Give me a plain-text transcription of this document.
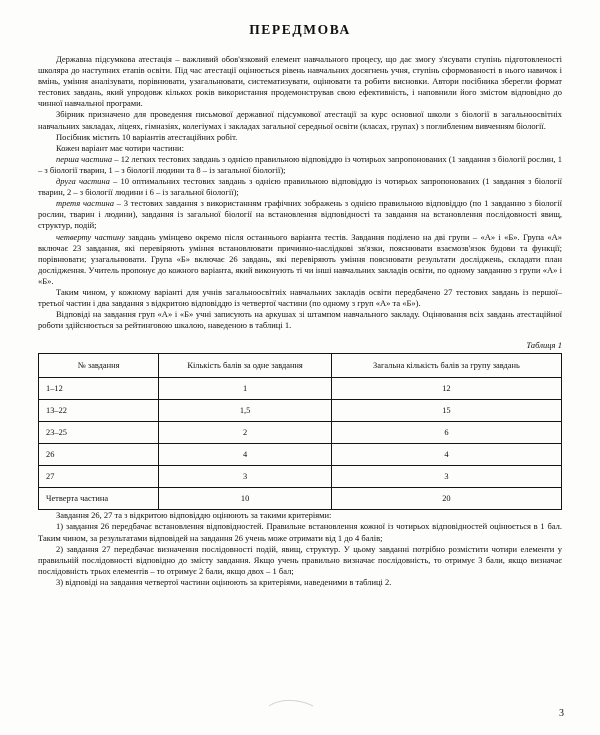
ПЕРЕДМОВА

Державна підсумкова атестація – важливий обов'язковий елемент навчального процесу, що дає змогу з'ясувати ступінь підготовленості школяра до наступних етапів освіти. Під час атестації оцінюється рівень навчальних досягнень учня, ступінь сформованості в нього навичок і вмінь, уміння аналізувати, порівнювати, узагальнювати, систематизувати, оцінювати та робити висновки. Автори посібника зберегли формат тестових завдань, який упродовж кількох років використання продемонстрував свою ефективність, і наповнили його змістом відповідно до чинної навчальної програми.

Збірник призначено для проведення письмової державної підсумкової атестації за курс основної школи з біології в загальноосвітніх навчальних закладах, ліцеях, гімназіях, колегіумах і закладах загальної середньої освіти (класах, групах) з поглибленим вивченням біології.

Посібник містить 10 варіантів атестаційних робіт.

Кожен варіант має чотири частини:

перша частина – 12 легких тестових завдань з однією правильною відповіддю із чотирьох запропонованих (1 завдання з біології рослин, 1 – з біології тварин, 1 – з біології людини та 8 – із загальної біології);

друга частина – 10 оптимальних тестових завдань з однією правильною відповіддю із чотирьох запропонованих (1 завдання з біології тварин, 2 – з біології людини і 6 – із загальної біології);

третя частина – 3 тестових завдання з використанням графічних зображень з однією правильною відповіддю (по 1 завданню з біології рослин, тварин і людини), завдання із загальної біології на встановлення відповідності та завдання на встановлення послідовності явищ, структур, подій;

четверту частину завдань умінцево окремо після останнього варіанта тестів. Завдання поділено на дві групи – «А» і «Б». Група «А» включає 23 завдання, які перевіряють уміння встановлювати причинно-наслідкові зв'язки, пояснювати взаємозв'язок будови та функції; порівнювати; узагальнювати. Група «Б» включає 26 завдань, які перевіряють уміння пояснювати результати досліджень, складати план дослідження. Учитель пропонує до кожного варіанта, який виконують ті чи інші навчальних закладів освіти, по одному завданню з групи «А» і «Б».

Таким чином, у кожному варіанті для учнів загальноосвітніх навчальних закладів освіти передбачено 27 тестових завдань із першої–третьої частин і два завдання з відкритою відповіддю із четвертої частини (по одному з груп «А» та «Б»).

Відповіді на завдання груп «А» і «Б» учні записують на аркушах зі штампом навчального закладу. Оцінювання всіх завдань атестаційної роботи здійснюється за рейтинговою шкалою, наведеною в таблиці 1.

Таблиця 1
№ завдання	Кількість балів за одне завдання	Загальна кількість балів за групу завдань
1–12	1	12
13–22	1,5	15
23–25	2	6
26	4	4
27	3	3
Четверта частина	10	20

Завдання 26, 27 та з відкритою відповіддю оцінюють за такими критеріями:

1) завдання 26 передбачає встановлення відповідностей. Правильне встановлення кожної із чотирьох відповідностей оцінюється в 1 бал. Таким чином, за результатами відповідей на завдання 26 учень може отримати від 1 до 4 балів;

2) завдання 27 передбачає визначення послідовності подій, явищ, структур. У цьому завданні потрібно розмістити чотири елементи у правильній послідовності відповідно до змісту завдання. Якщо учень правильно визначає послідовність, то отримує 3 бали, якщо визначає послідовність трьох елементів – то отримує 2 бали, якщо двох – 1 бал;

3) відповіді на завдання четвертої частини оцінюють за критеріями, наведеними в таблиці 2.

3
